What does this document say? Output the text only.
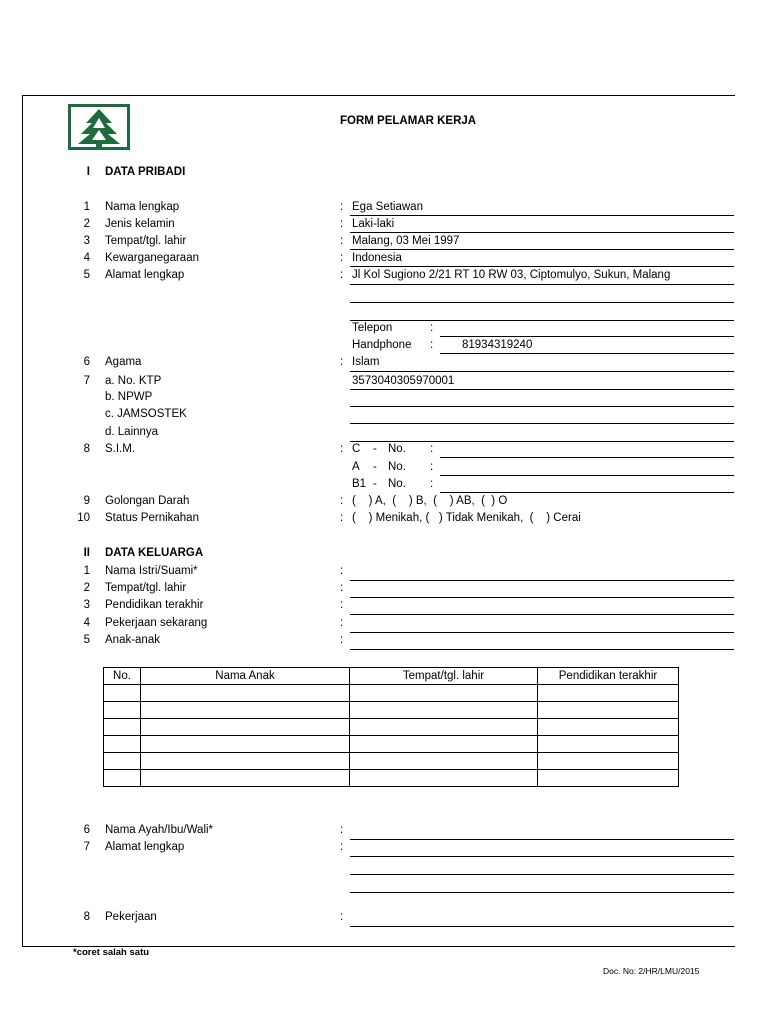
FORM PELAMAR KERJA
I DATA PRIBADI
1 Nama lengkap	: Ega Setiawan
2 Jenis kelamin	: Laki-laki
3 Tempat/tgl. lahir	: Malang, 03 Mei 1997
4 Kewarganegaraan	: Indonesia
5 Alamat lengkap	: Jl Kol Sugiono 2/21 RT 10 RW 03, Ciptomulyo, Sukun, Malang
Telepon	:
Handphone :	81934319240
6 Agama	: Islam
7 a. No. KTP	3573040305970001
b. NPWP
c. JAMSOSTEK
d. Lainnya
8 S.I.M.	: C - No. :
A - No. :
B1 - No. :
9 Golongan Darah	: (    ) A,  (    ) B,  (    ) AB,  (  ) O
10 Status Pernikahan	: (    ) Menikah, (   ) Tidak Menikah,  (    ) Cerai
II DATA KELUARGA
1 Nama Istri/Suami*	:
2 Tempat/tgl. lahir	:
3 Pendidikan terakhir	:
4 Pekerjaan sekarang	:
5 Anak-anak	:
No.	Nama Anak	Tempat/tgl. lahir	Pendidikan terakhir

6 Nama Ayah/Ibu/Wali*	:
7 Alamat lengkap	:
8 Pekerjaan	:
*coret salah satu
Doc. No: 2/HR/LMU/2015
